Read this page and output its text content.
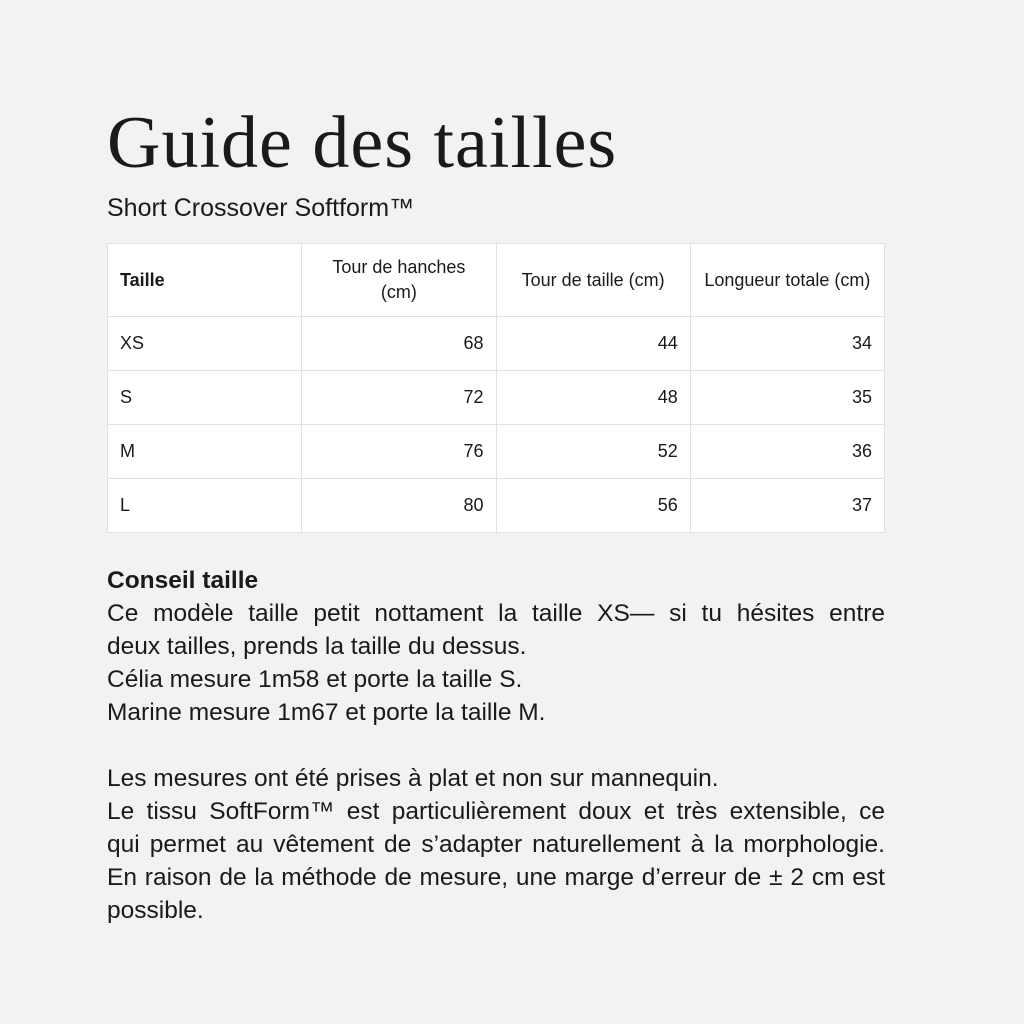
Guide des tailles
Short Crossover Softform™
Taille	Tour de hanches (cm)	Tour de taille (cm)	Longueur totale (cm)
XS	68	44	34
S	72	48	35
M	76	52	36
L	80	56	37
Conseil taille
Ce modèle taille petit nottament la taille XS— si tu hésites entre
deux tailles, prends la taille du dessus.
Célia mesure 1m58 et porte la taille S.
Marine mesure 1m67 et porte la taille M.
Les mesures ont été prises à plat et non sur mannequin.
Le tissu SoftForm™ est particulièrement doux et très extensible, ce
qui permet au vêtement de s’adapter naturellement à la morphologie.
En raison de la méthode de mesure, une marge d’erreur de ± 2 cm est
possible.
